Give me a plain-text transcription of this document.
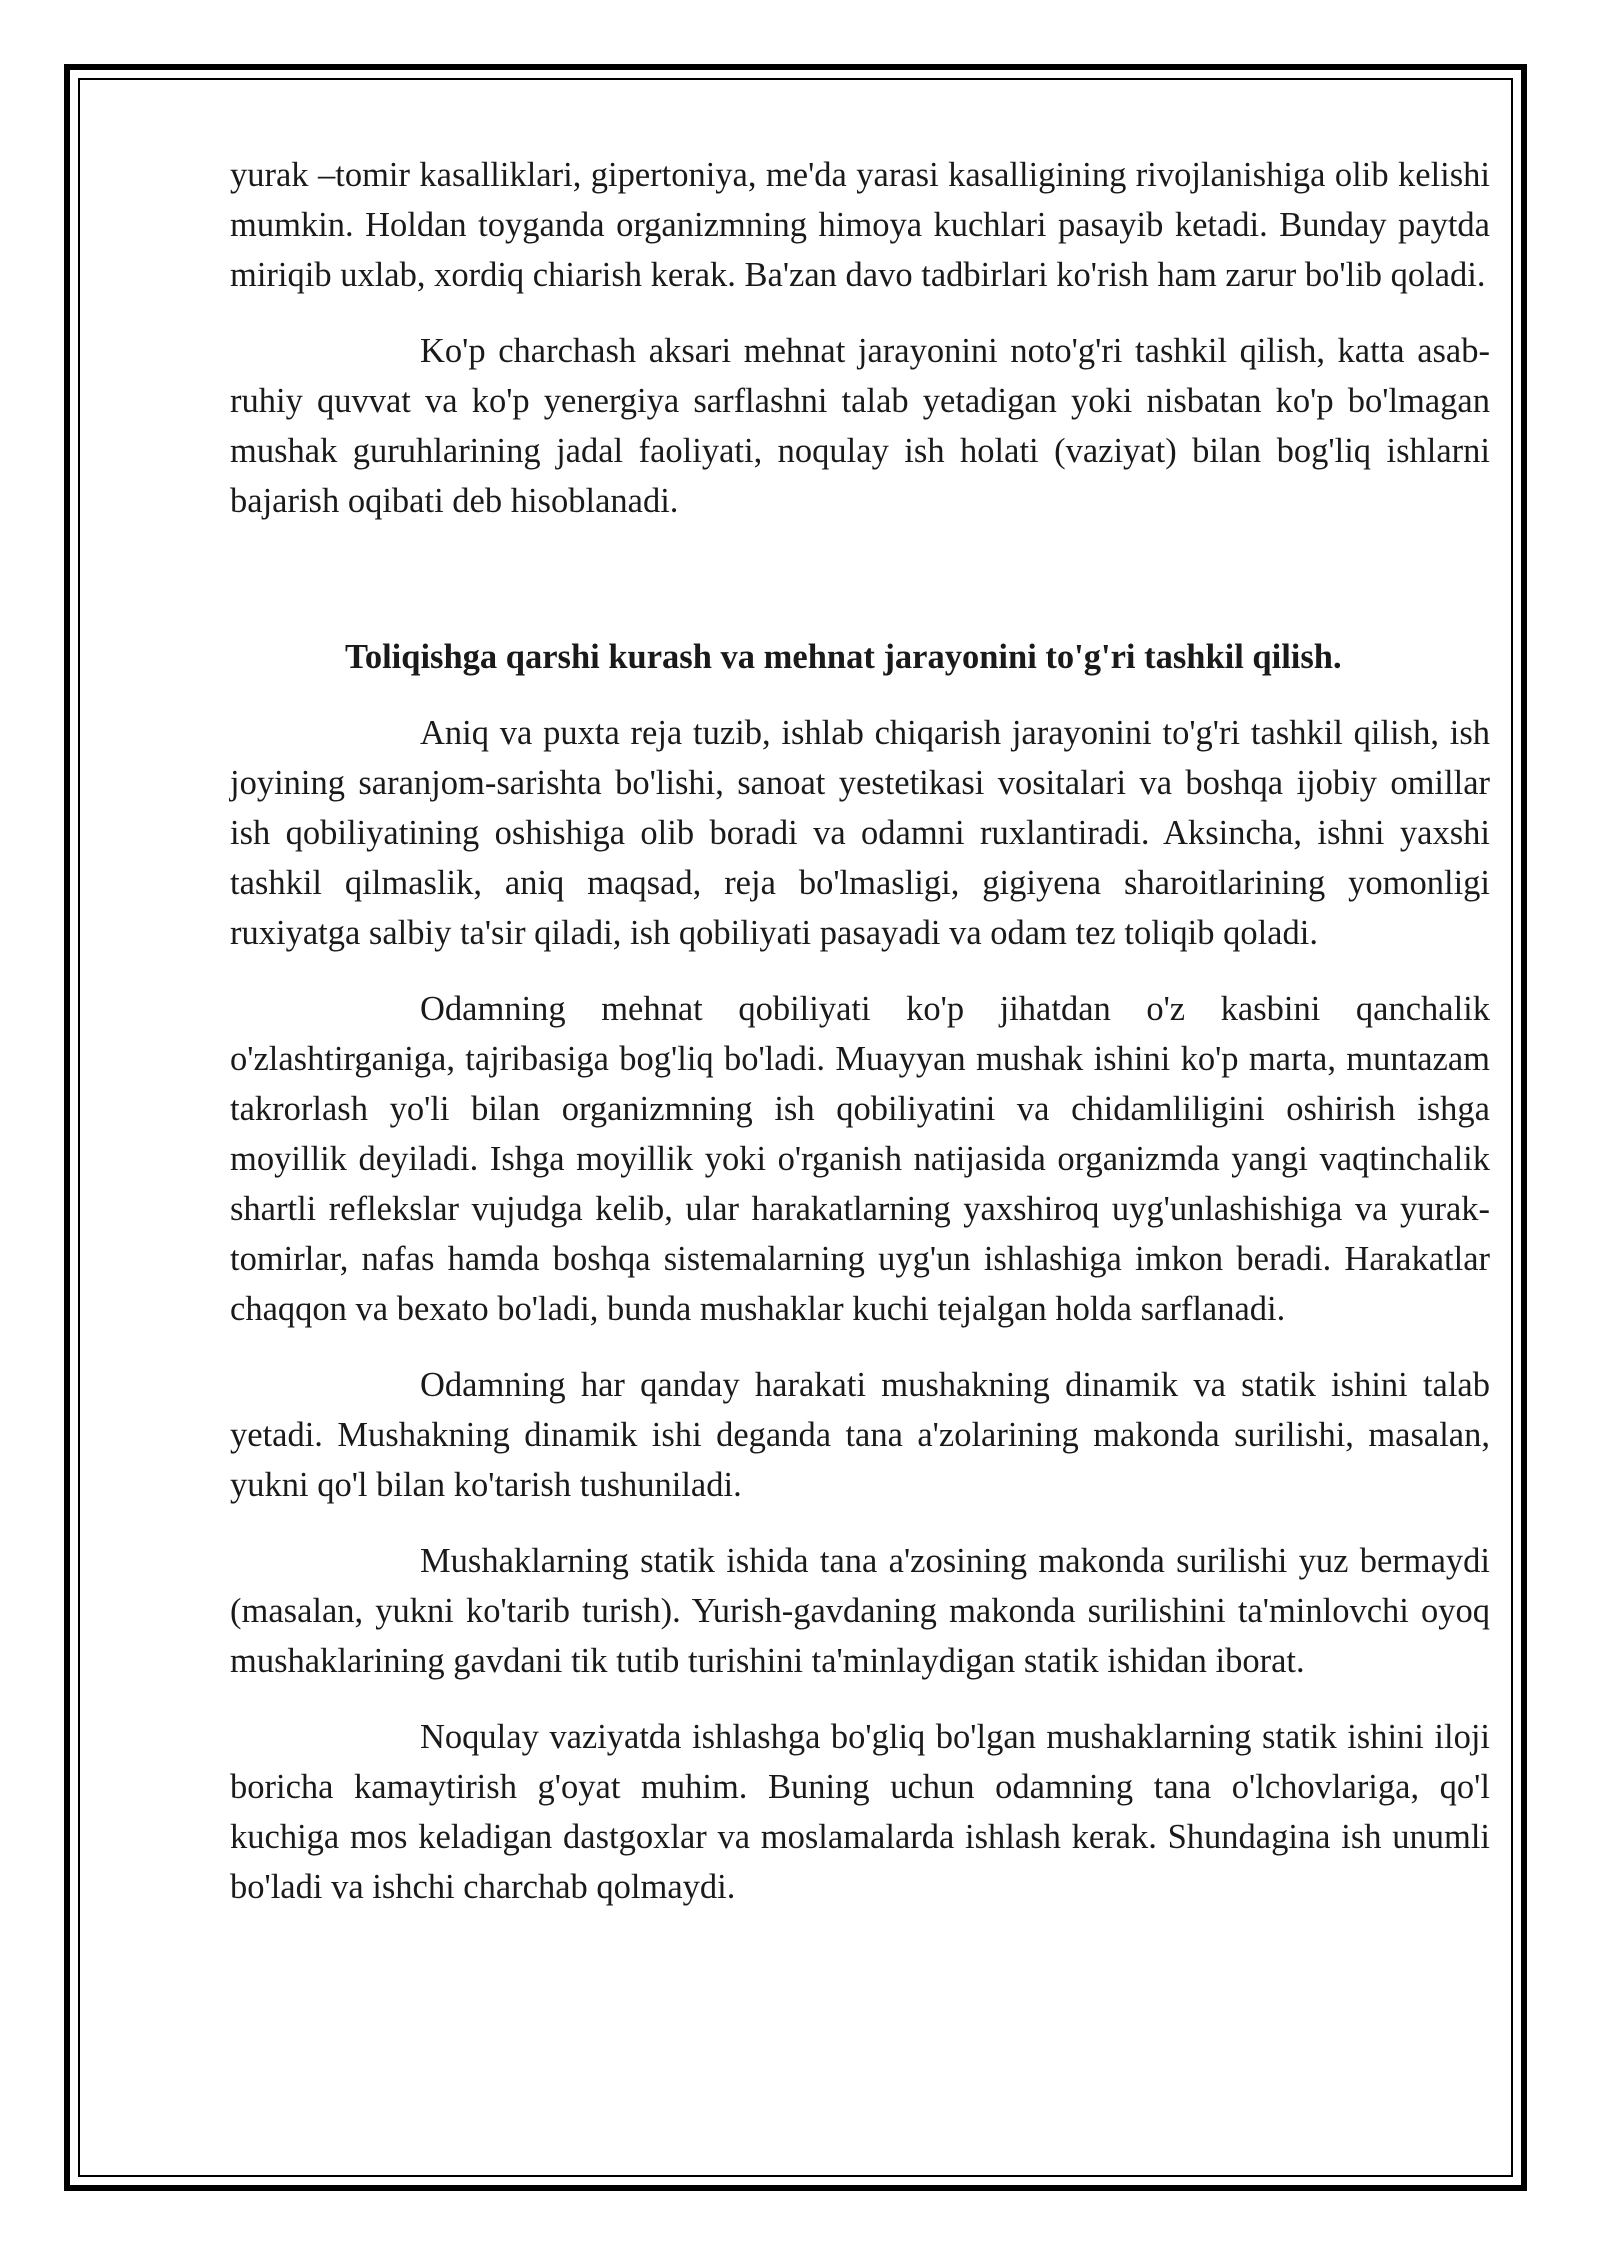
yurak –tomir kasalliklari, gipertoniya, me'da yarasi kasalligining rivojlanishiga olib kelishi mumkin. Holdan toyganda organizmning himoya kuchlari pasayib ketadi. Bunday paytda miriqib uxlab, xordiq chiarish kerak. Ba'zan davo tadbirlari ko'rish ham zarur bo'lib qoladi.

Ko'p charchash aksari mehnat jarayonini noto'g'ri tashkil qilish, katta asab-ruhiy quvvat va ko'p yenergiya sarflashni talab yetadigan yoki nisbatan ko'p bo'lmagan mushak guruhlarining jadal faoliyati, noqulay ish holati (vaziyat) bilan bog'liq ishlarni bajarish oqibati deb hisoblanadi.

Toliqishga qarshi kurash va mehnat jarayonini to'g'ri tashkil qilish.

Aniq va puxta reja tuzib, ishlab chiqarish jarayonini to'g'ri tashkil qilish, ish joyining saranjom-sarishta bo'lishi, sanoat yestetikasi vositalari va boshqa ijobiy omillar ish qobiliyatining oshishiga olib boradi va odamni ruxlantiradi. Aksincha, ishni yaxshi tashkil qilmaslik, aniq maqsad, reja bo'lmasligi, gigiyena sharoitlarining yomonligi ruxiyatga salbiy ta'sir qiladi, ish qobiliyati pasayadi va odam tez toliqib qoladi.

Odamning mehnat qobiliyati ko'p jihatdan o'z kasbini qanchalik o'zlashtirganiga, tajribasiga bog'liq bo'ladi. Muayyan mushak ishini ko'p marta, muntazam takrorlash yo'li bilan organizmning ish qobiliyatini va chidamliligini oshirish ishga moyillik deyiladi. Ishga moyillik yoki o'rganish natijasida organizmda yangi vaqtinchalik shartli reflekslar vujudga kelib, ular harakatlarning yaxshiroq uyg'unlashishiga va yurak-tomirlar, nafas hamda boshqa sistemalarning uyg'un ishlashiga imkon beradi. Harakatlar chaqqon va bexato bo'ladi, bunda mushaklar kuchi tejalgan holda sarflanadi.

Odamning har qanday harakati mushakning dinamik va statik ishini talab yetadi. Mushakning dinamik ishi deganda tana a'zolarining makonda surilishi, masalan, yukni qo'l bilan ko'tarish tushuniladi.

Mushaklarning statik ishida tana a'zosining makonda surilishi yuz bermaydi (masalan, yukni ko'tarib turish). Yurish-gavdaning makonda surilishini ta'minlovchi oyoq mushaklarining gavdani tik tutib turishini ta'minlaydigan statik ishidan iborat.

Noqulay vaziyatda ishlashga bo'gliq bo'lgan mushaklarning statik ishini iloji boricha kamaytirish g'oyat muhim. Buning uchun odamning tana o'lchovlariga, qo'l kuchiga mos keladigan dastgoxlar va moslamalarda ishlash kerak. Shundagina ish unumli bo'ladi va ishchi charchab qolmaydi.
